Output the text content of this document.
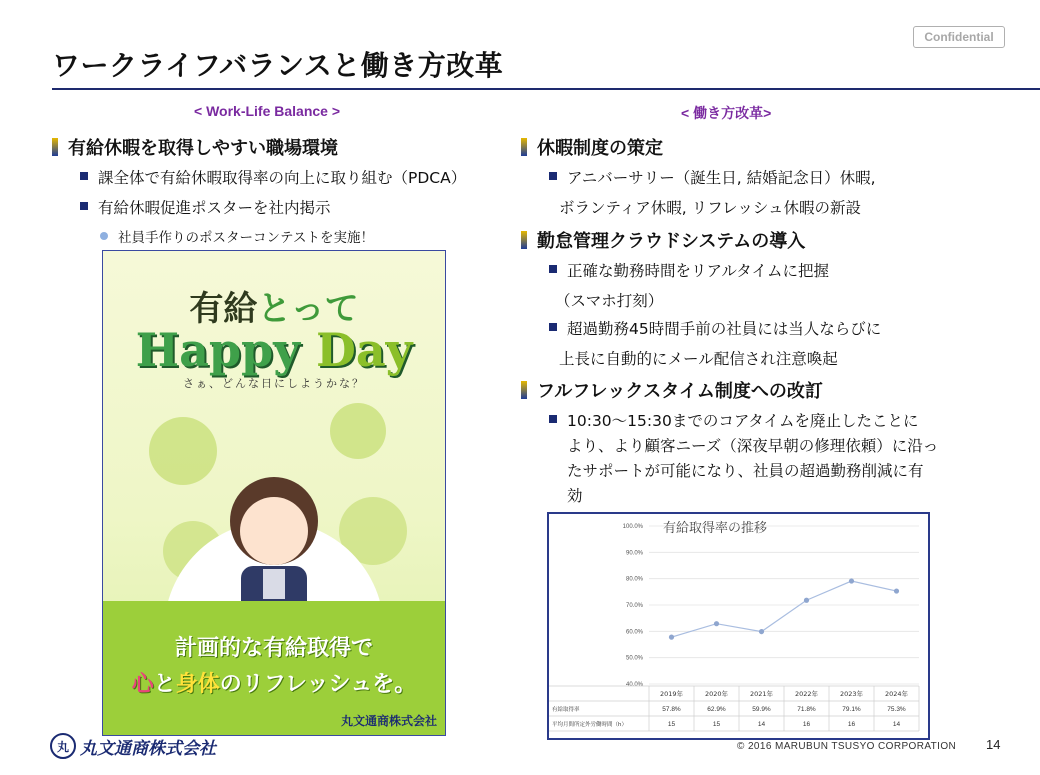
Confidential
ワークライフバランスと働き方改革
< Work-Life Balance >
有給休暇を取得しやすい職場環境
課全体で有給休暇取得率の向上に取り組む（PDCA）
有給休暇促進ポスターを社内掲示
社員手作りのポスターコンテストを実施！
有給とって
Happy Day
さぁ、どんな日にしようかな？
計画的な有給取得で
心と身体のリフレッシュを。
丸文通商株式会社
< 働き方改革>
休暇制度の策定
アニバーサリー（誕生日, 結婚記念日）休暇,
ボランティア休暇, リフレッシュ休暇の新設
勤怠管理クラウドシステムの導入
正確な勤務時間をリアルタイムに把握
（スマホ打刻）
超過勤務45時間手前の社員には当人ならびに
上長に自動的にメール配信され注意喚起
フルフレックスタイム制度への改訂
10:30～15:30までのコアタイムを廃止したことに
より、より顧客ニーズ（深夜早朝の修理依頼）に沿っ
たサポートが可能になり、社員の超過勤務削減に有
効
有給取得率の推移
40.0%
50.0%
60.0%
70.0%
80.0%
90.0%
100.0%
2019年	2020年	2021年	2022年	2023年	2024年
有給取得率	57.8%	62.9%	59.9%	71.8%	79.1%	75.3%
平均月間所定外労働時間（h）	15	15	14	16	16	14
丸 丸文通商株式会社	© 2016 MARUBUN TSUSYO CORPORATION 14
